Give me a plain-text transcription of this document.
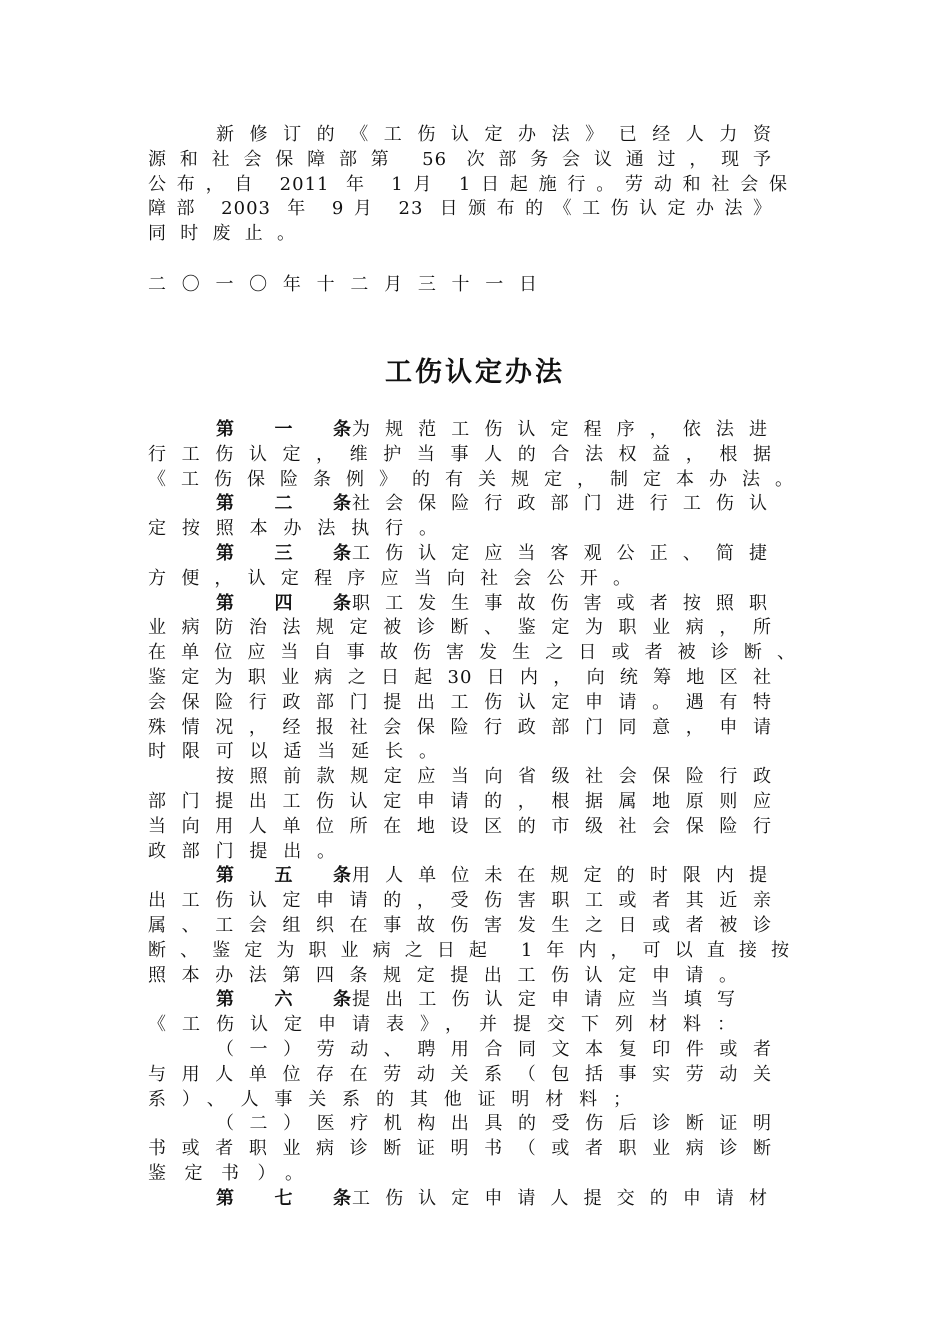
新修订的《工伤认定办法》已经人力资
源和社会保障部第 56 次部务会议通过，现予
公布，自 2011 年 1月 1日起施行。劳动和社会保
障部 2003 年 9月 23 日颁布的《工伤认定办法》
同时废止。
二〇一〇年十二月三十一日
工伤认定办法
第一条为规范工伤认定程序，依法进
行工伤认定，维护当事人的合法权益，根据
《工伤保险条例》的有关规定，制定本办法。
第二条社会保险行政部门进行工伤认
定按照本办法执行。
第三条工伤认定应当客观公正、简捷
方便，认定程序应当向社会公开。
第四条职工发生事故伤害或者按照职
业病防治法规定被诊断、鉴定为职业病，所
在单位应当自事故伤害发生之日或者被诊断、
鉴定为职业病之日起30日内，向统筹地区社
会保险行政部门提出工伤认定申请。遇有特
殊情况，经报社会保险行政部门同意，申请
时限可以适当延长。
按照前款规定应当向省级社会保险行政
部门提出工伤认定申请的，根据属地原则应
当向用人单位所在地设区的市级社会保险行
政部门提出。
第五条用人单位未在规定的时限内提
出工伤认定申请的，受伤害职工或者其近亲
属、工会组织在事故伤害发生之日或者被诊
断、鉴定为职业病之日起 1年内，可以直接按
照本办法第四条规定提出工伤认定申请。
第六条提出工伤认定申请应当填写
《工伤认定申请表》，并提交下列材料：
（一）劳动、聘用合同文本复印件或者
与用人单位存在劳动关系（包括事实劳动关
系）、人事关系的其他证明材料；
（二）医疗机构出具的受伤后诊断证明
书或者职业病诊断证明书（或者职业病诊断
鉴定书）。
第七条工伤认定申请人提交的申请材
